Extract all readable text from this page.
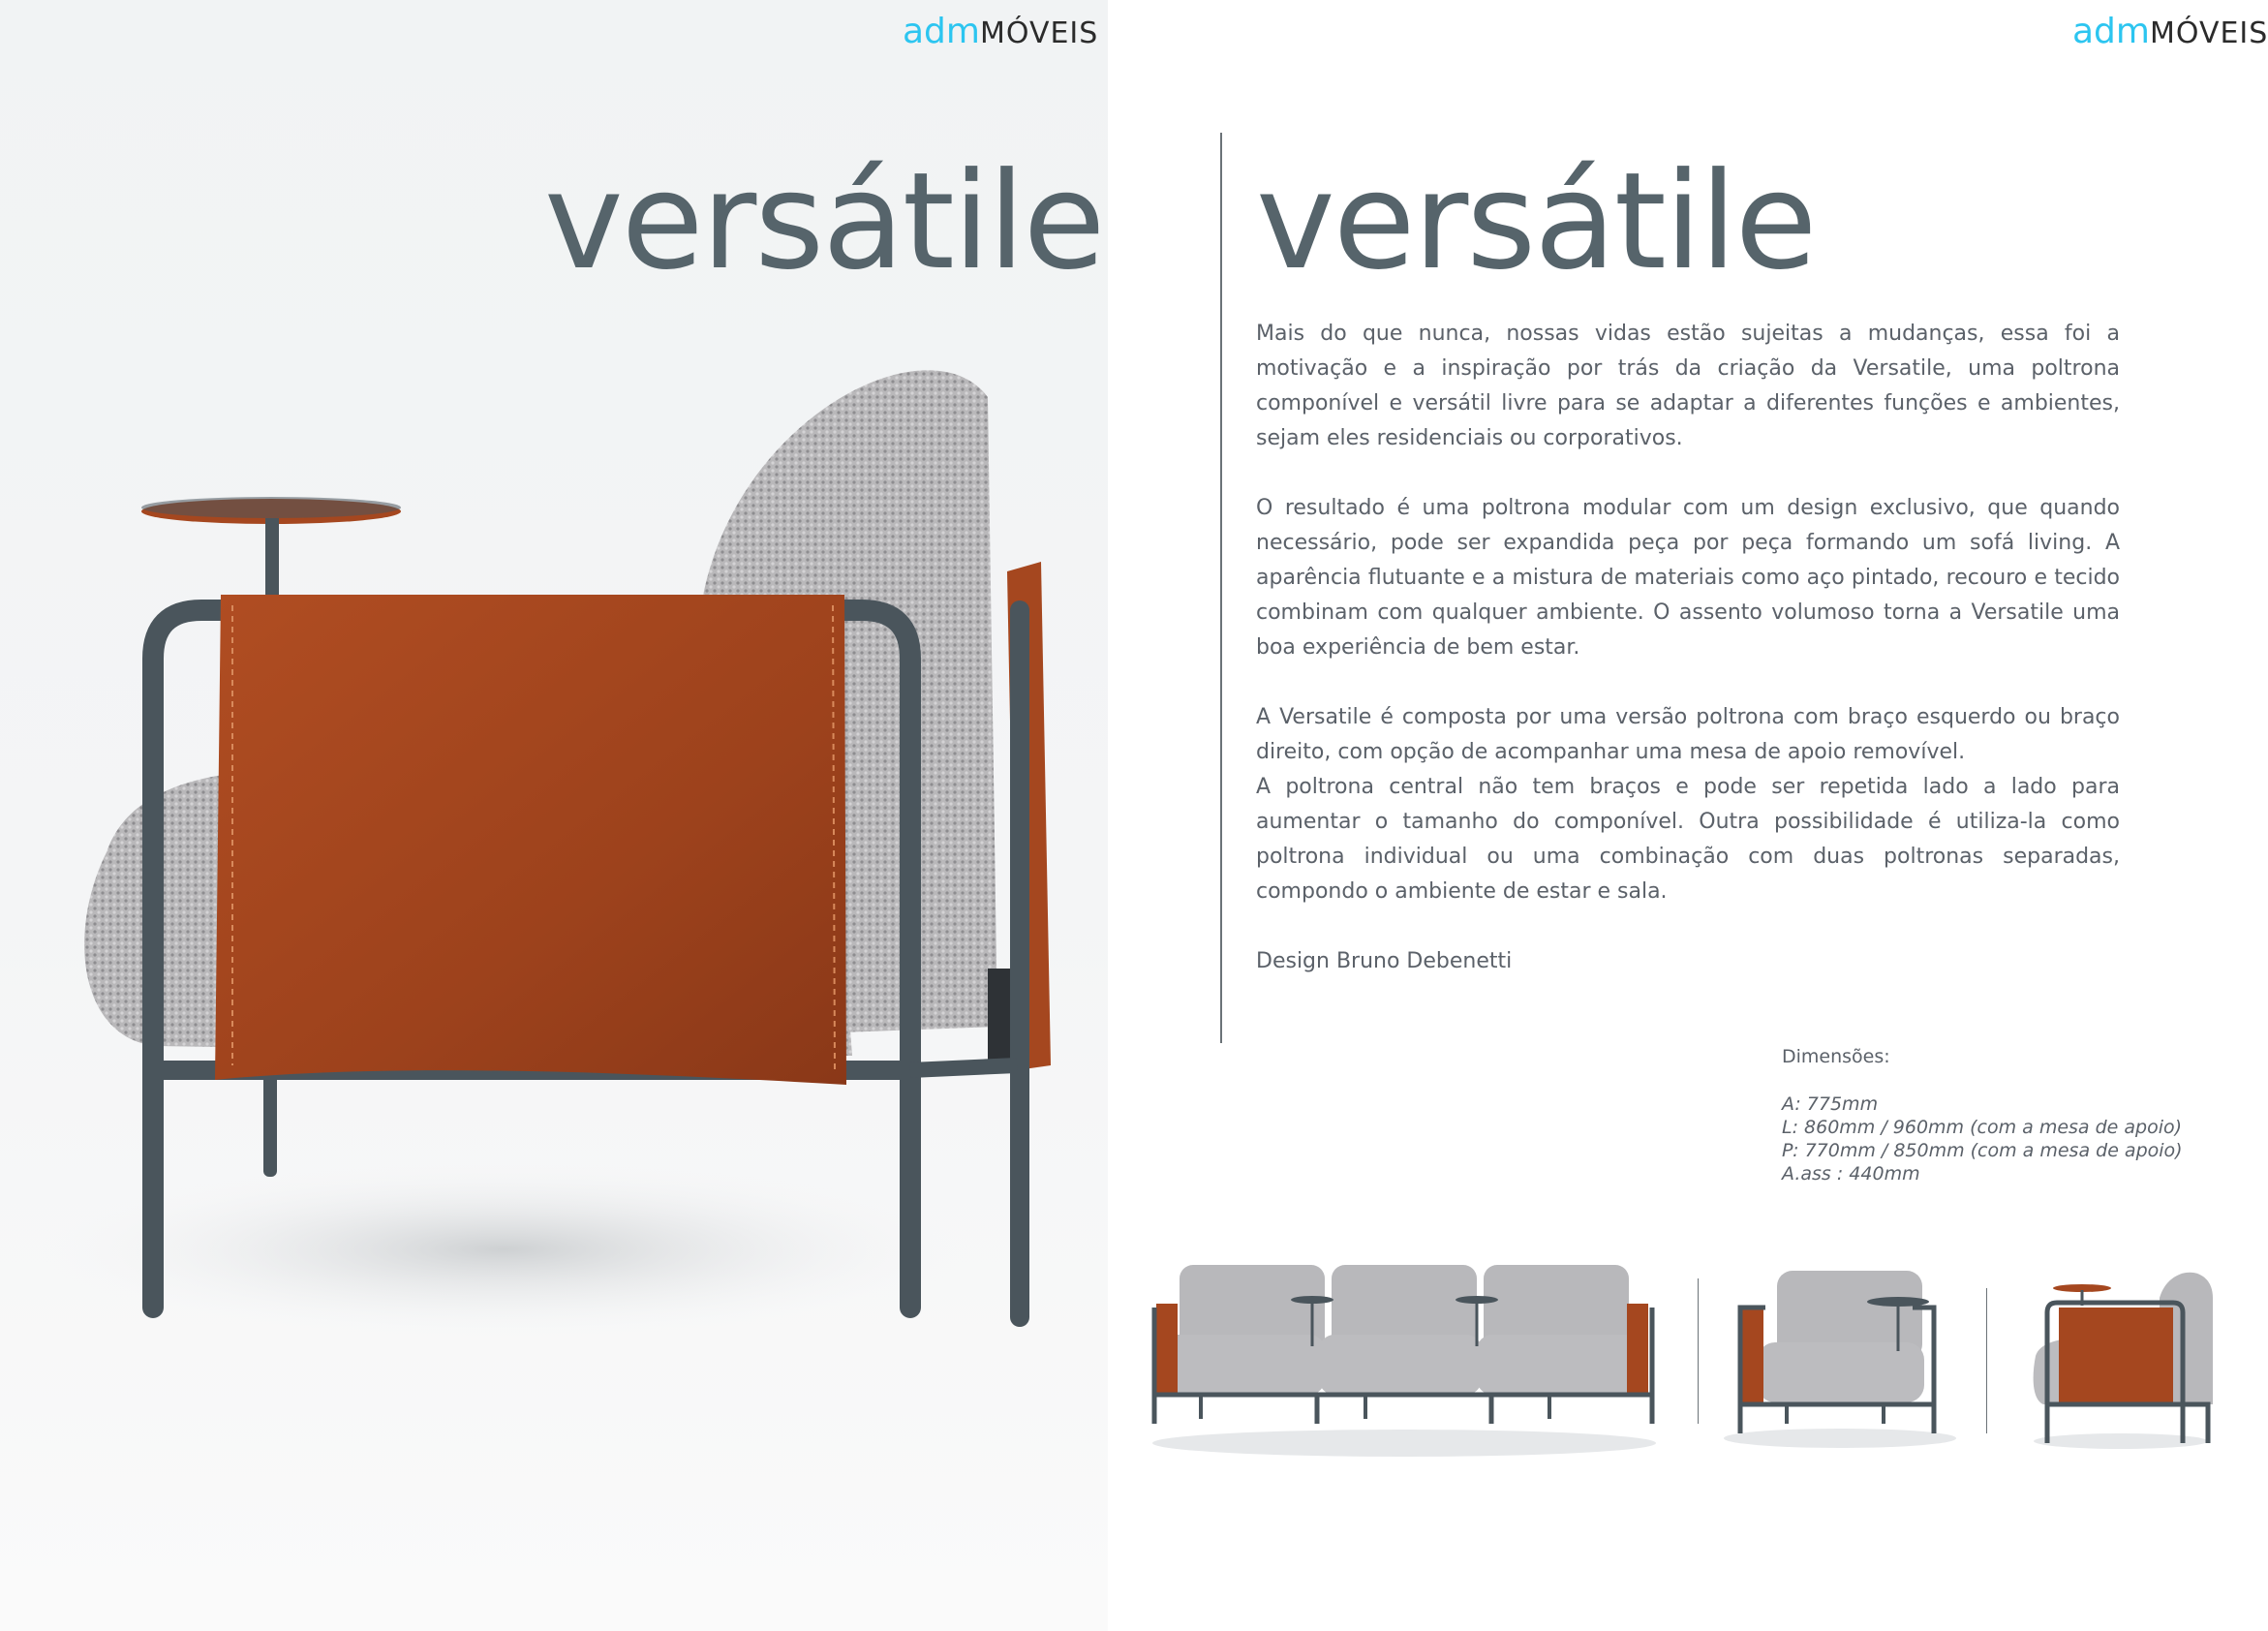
admMÓVEIS
versátile
admMÓVEIS
versátile

Mais do que nunca, nossas vidas estão sujeitas a mudanças, essa foi a motivação e a inspiração por trás da criação da Versatile, uma poltrona componível e versátil livre para se adaptar a diferentes funções e ambientes, sejam eles residenciais ou corporativos.

O resultado é uma poltrona modular com um design exclusivo, que quando necessário, pode ser expandida peça por peça formando um sofá living. A aparência flutuante e a mistura de materiais como aço pintado, recouro e tecido combinam com qualquer ambiente. O assento volumoso torna a Versatile uma boa experiência de bem estar.

A Versatile é composta por uma versão poltrona com braço esquerdo ou braço direito, com opção de acompanhar uma mesa de apoio removível.

A poltrona central não tem braços e pode ser repetida lado a lado para aumentar o tamanho do componível. Outra possibilidade é utiliza-la como poltrona individual ou uma combinação com duas poltronas separadas, compondo o ambiente de estar e sala.

Design Bruno Debenetti

Dimensões:
A: 775mm
L: 860mm / 960mm (com a mesa de apoio)
P: 770mm / 850mm (com a mesa de apoio)
A.ass : 440mm
